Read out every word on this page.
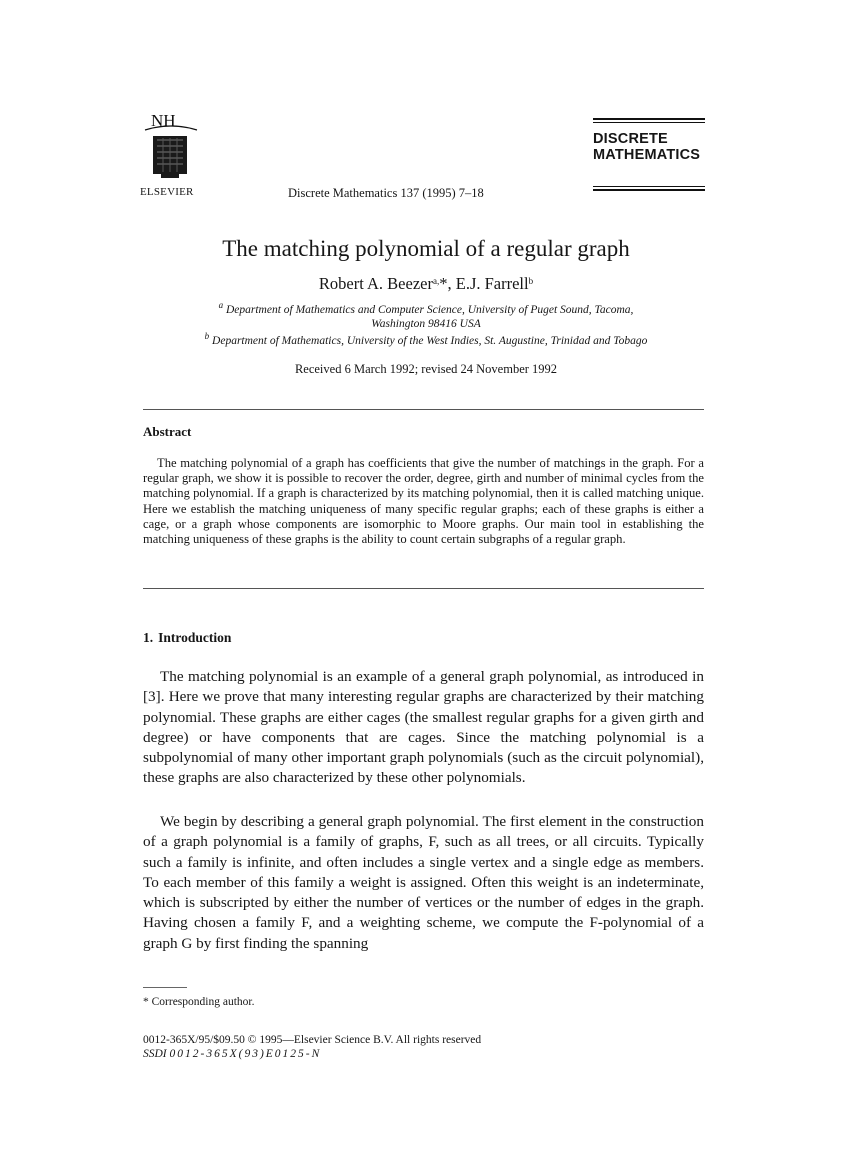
NH
ELSEVIER	Discrete Mathematics 137 (1995) 7–18
DISCRETE
MATHEMATICS
The matching polynomial of a regular graph
Robert A. Beezer$^{a,}$*, E.J. Farrell$^b$
$^a$ Department of Mathematics and Computer Science, University of Puget Sound, Tacoma,
Washington 98416 USA
$^b$ Department of Mathematics, University of the West Indies, St. Augustine, Trinidad and Tobago
Received 6 March 1992; revised 24 November 1992
Abstract
The matching polynomial of a graph has coefficients that give the number of matchings in the graph. For a regular graph, we show it is possible to recover the order, degree, girth and number of minimal cycles from the matching polynomial. If a graph is characterized by its matching polynomial, then it is called matching unique. Here we establish the matching uniqueness of many specific regular graphs; each of these graphs is either a cage, or a graph whose components are isomorphic to Moore graphs. Our main tool in establishing the matching uniqueness of these graphs is the ability to count certain subgraphs of a regular graph.
1. Introduction
The matching polynomial is an example of a general graph polynomial, as introduced in [3]. Here we prove that many interesting regular graphs are characterized by their matching polynomial. These graphs are either cages (the smallest regular graphs for a given girth and degree) or have components that are cages. Since the matching polynomial is a subpolynomial of many other important graph polynomials (such as the circuit polynomial), these graphs are also characterized by these other polynomials.
We begin by describing a general graph polynomial. The first element in the construction of a graph polynomial is a family of graphs, F, such as all trees, or all circuits. Typically such a family is infinite, and often includes a single vertex and a single edge as members. To each member of this family a weight is assigned. Often this weight is an indeterminate, which is subscripted by either the number of vertices or the number of edges in the graph. Having chosen a family F, and a weighting scheme, we compute the F-polynomial of a graph G by first finding the spanning
* Corresponding author.
0012-365X/95/$09.50 © 1995—Elsevier Science B.V. All rights reserved
SSDI 0012-365X(93)E0125-N
